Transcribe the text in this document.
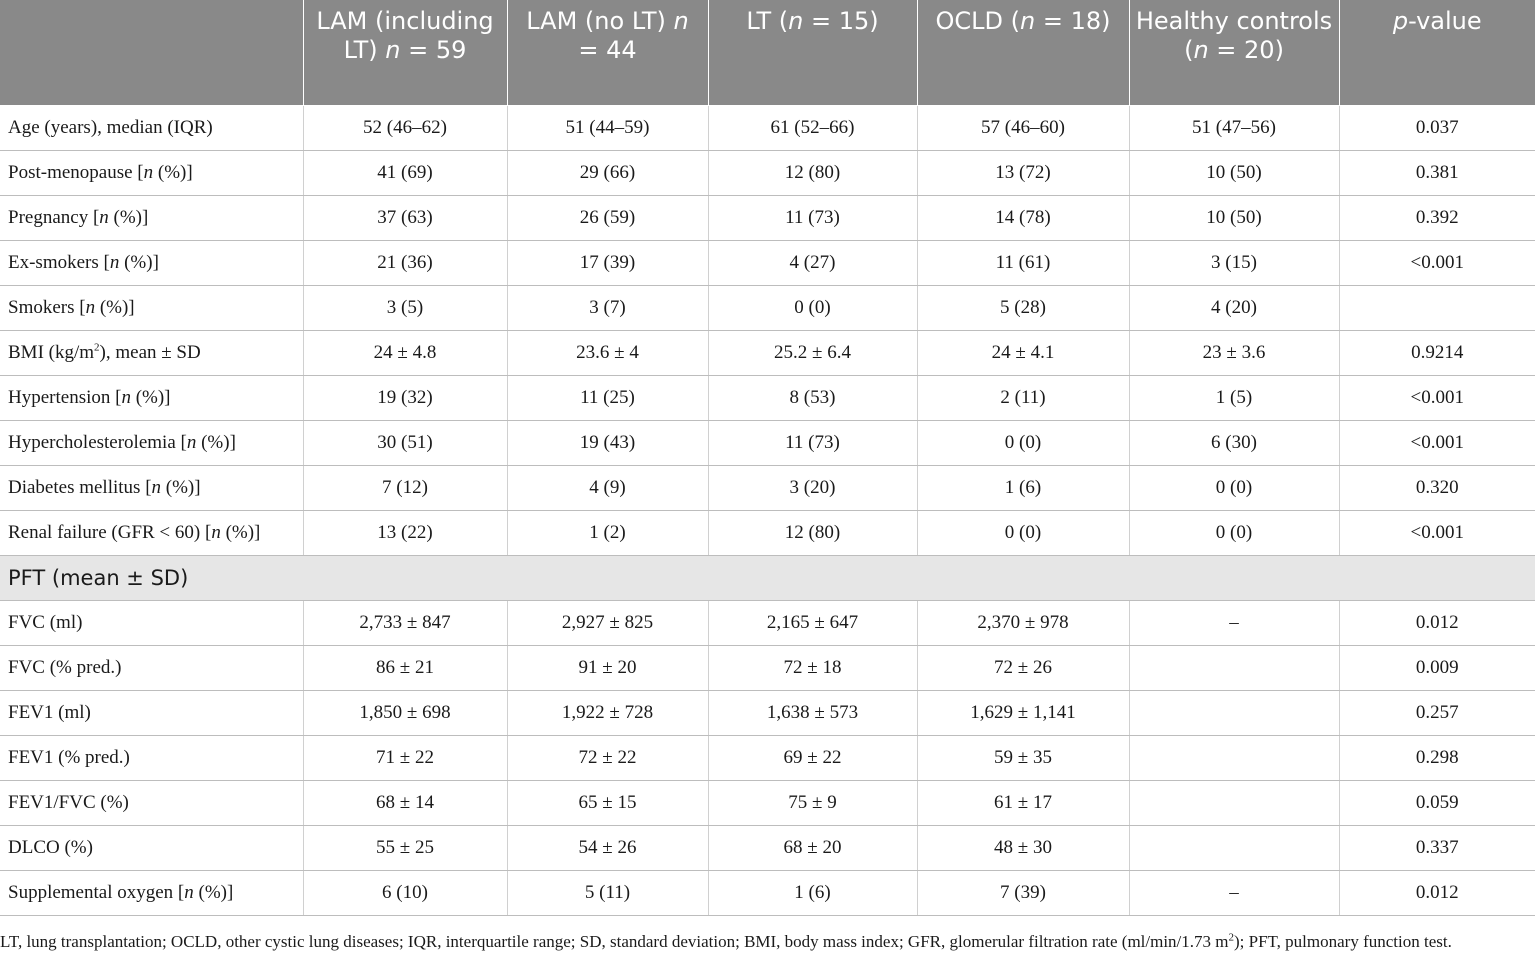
	LAM (including LT) n = 59	LAM (no LT) n = 44	LT (n = 15)	OCLD (n = 18)	Healthy controls (n = 20)	p-value
Age (years), median (IQR)	52 (46–62)	51 (44–59)	61 (52–66)	57 (46–60)	51 (47–56)	0.037
Post-menopause [n (%)]	41 (69)	29 (66)	12 (80)	13 (72)	10 (50)	0.381
Pregnancy [n (%)]	37 (63)	26 (59)	11 (73)	14 (78)	10 (50)	0.392
Ex-smokers [n (%)]	21 (36)	17 (39)	4 (27)	11 (61)	3 (15)	<0.001
Smokers [n (%)]	3 (5)	3 (7)	0 (0)	5 (28)	4 (20)	
BMI $(kg/m^2)$, mean ± SD	24 ± 4.8	23.6 ± 4	25.2 ± 6.4	24 ± 4.1	23 ± 3.6	0.9214
Hypertension [n (%)]	19 (32)	11 (25)	8 (53)	2 (11)	1 (5)	<0.001
Hypercholesterolemia [n (%)]	30 (51)	19 (43)	11 (73)	0 (0)	6 (30)	<0.001
Diabetes mellitus [n (%)]	7 (12)	4 (9)	3 (20)	1 (6)	0 (0)	0.320
Renal failure (GFR < 60) [n (%)]	13 (22)	1 (2)	12 (80)	0 (0)	0 (0)	<0.001
PFT (mean ± SD)						
FVC (ml)	2,733 ± 847	2,927 ± 825	2,165 ± 647	2,370 ± 978	–	0.012
FVC (% pred.)	86 ± 21	91 ± 20	72 ± 18	72 ± 26		0.009
FEV1 (ml)	1,850 ± 698	1,922 ± 728	1,638 ± 573	1,629 ± 1,141		0.257
FEV1 (% pred.)	71 ± 22	72 ± 22	69 ± 22	59 ± 35		0.298
FEV1/FVC (%)	68 ± 14	65 ± 15	75 ± 9	61 ± 17		0.059
DLCO (%)	55 ± 25	54 ± 26	68 ± 20	48 ± 30		0.337
Supplemental oxygen [n (%)]	6 (10)	5 (11)	1 (6)	7 (39)	–	0.012
LT, lung transplantation; OCLD, other cystic lung diseases; IQR, interquartile range; SD, standard deviation; BMI, body mass index; GFR, glomerular filtration rate (ml/min/1.73 $m^2$); PFT, pulmonary function test.
